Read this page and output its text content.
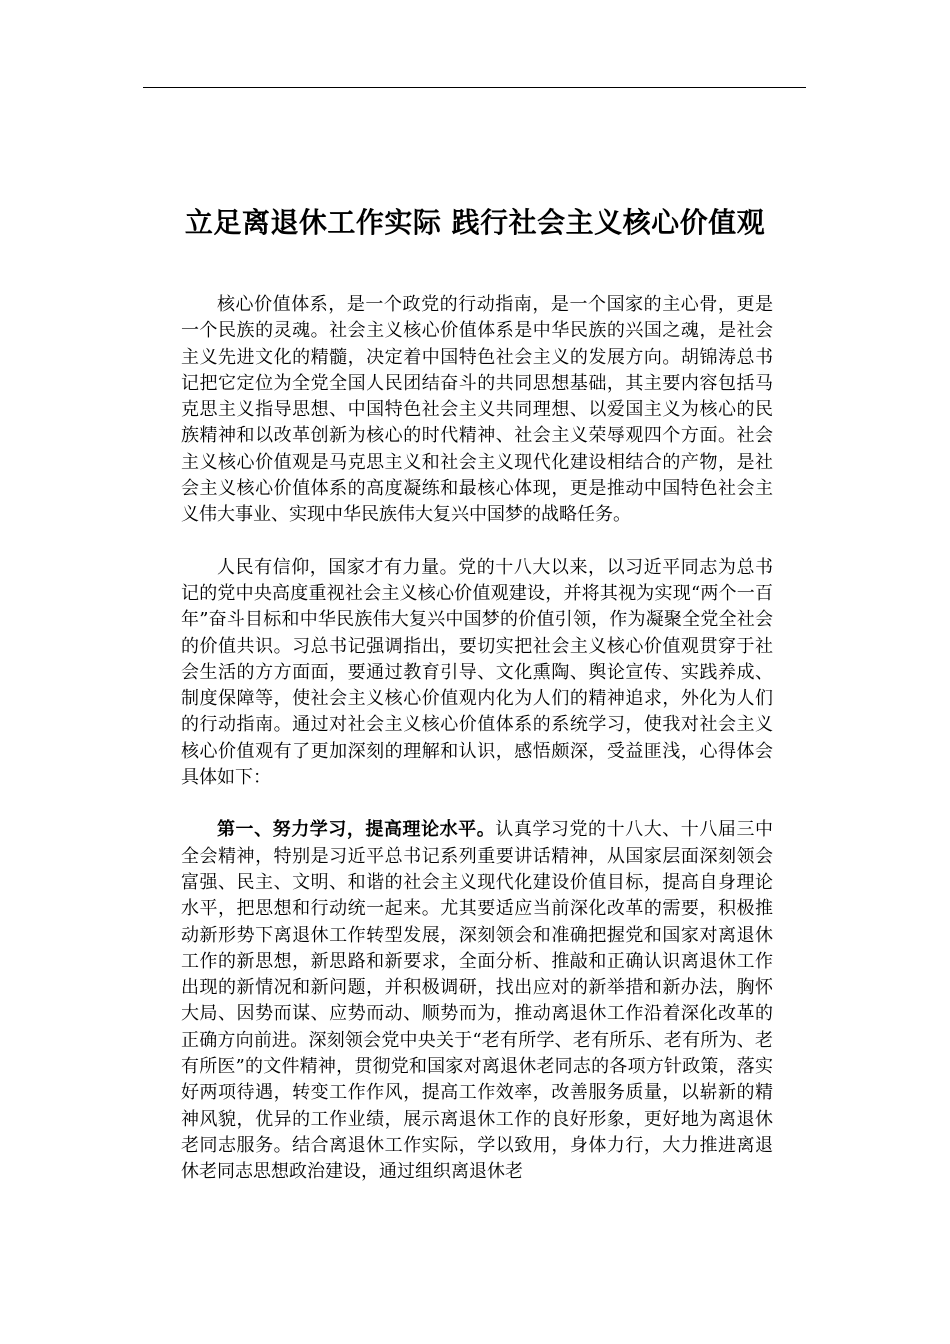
立足离退休工作实际 践行社会主义核心价值观

核心价值体系，是一个政党的行动指南，是一个国家的主心骨，更是一个民族的灵魂。社会主义核心价值体系是中华民族的兴国之魂，是社会主义先进文化的精髓，决定着中国特色社会主义的发展方向。胡锦涛总书记把它定位为全党全国人民团结奋斗的共同思想基础，其主要内容包括马克思主义指导思想、中国特色社会主义共同理想、以爱国主义为核心的民族精神和以改革创新为核心的时代精神、社会主义荣辱观四个方面。社会主义核心价值观是马克思主义和社会主义现代化建设相结合的产物，是社会主义核心价值体系的高度凝练和最核心体现，更是推动中国特色社会主义伟大事业、实现中华民族伟大复兴中国梦的战略任务。

人民有信仰，国家才有力量。党的十八大以来，以习近平同志为总书记的党中央高度重视社会主义核心价值观建设，并将其视为实现“两个一百年”奋斗目标和中华民族伟大复兴中国梦的价值引领，作为凝聚全党全社会的价值共识。习总书记强调指出，要切实把社会主义核心价值观贯穿于社会生活的方方面面，要通过教育引导、文化熏陶、舆论宣传、实践养成、制度保障等，使社会主义核心价值观内化为人们的精神追求，外化为人们的行动指南。通过对社会主义核心价值体系的系统学习，使我对社会主义核心价值观有了更加深刻的理解和认识，感悟颇深，受益匪浅，心得体会具体如下：

第一、努力学习，提高理论水平。认真学习党的十八大、十八届三中全会精神，特别是习近平总书记系列重要讲话精神，从国家层面深刻领会富强、民主、文明、和谐的社会主义现代化建设价值目标，提高自身理论水平，把思想和行动统一起来。尤其要适应当前深化改革的需要，积极推动新形势下离退休工作转型发展，深刻领会和准确把握党和国家对离退休工作的新思想，新思路和新要求，全面分析、推敲和正确认识离退休工作出现的新情况和新问题，并积极调研，找出应对的新举措和新办法，胸怀大局、因势而谋、应势而动、顺势而为，推动离退休工作沿着深化改革的正确方向前进。深刻领会党中央关于“老有所学、老有所乐、老有所为、老有所医”的文件精神，贯彻党和国家对离退休老同志的各项方针政策，落实好两项待遇，转变工作作风，提高工作效率，改善服务质量，以崭新的精神风貌，优异的工作业绩，展示离退休工作的良好形象，更好地为离退休老同志服务。结合离退休工作实际，学以致用，身体力行，大力推进离退休老同志思想政治建设，通过组织离退休老
